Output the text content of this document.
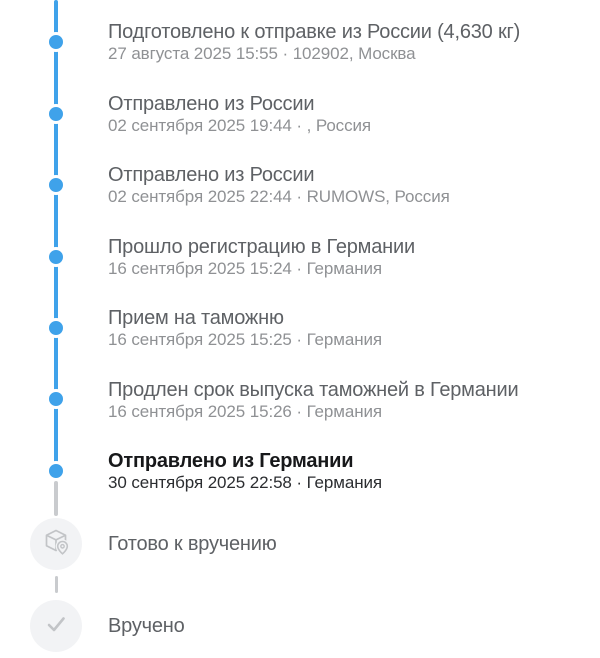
Подготовлено к отправке из России (4,630 кг)
27 августа 2025 15:55 · 102902, Москва
Отправлено из России
02 сентября 2025 19:44 · , Россия
Отправлено из России
02 сентября 2025 22:44 · RUMOWS, Россия
Прошло регистрацию в Германии
16 сентября 2025 15:24 · Германия
Прием на таможню
16 сентября 2025 15:25 · Германия
Продлен срок выпуска таможней в Германии
16 сентября 2025 15:26 · Германия
Отправлено из Германии
30 сентября 2025 22:58 · Германия
Готово к вручению
Вручено
